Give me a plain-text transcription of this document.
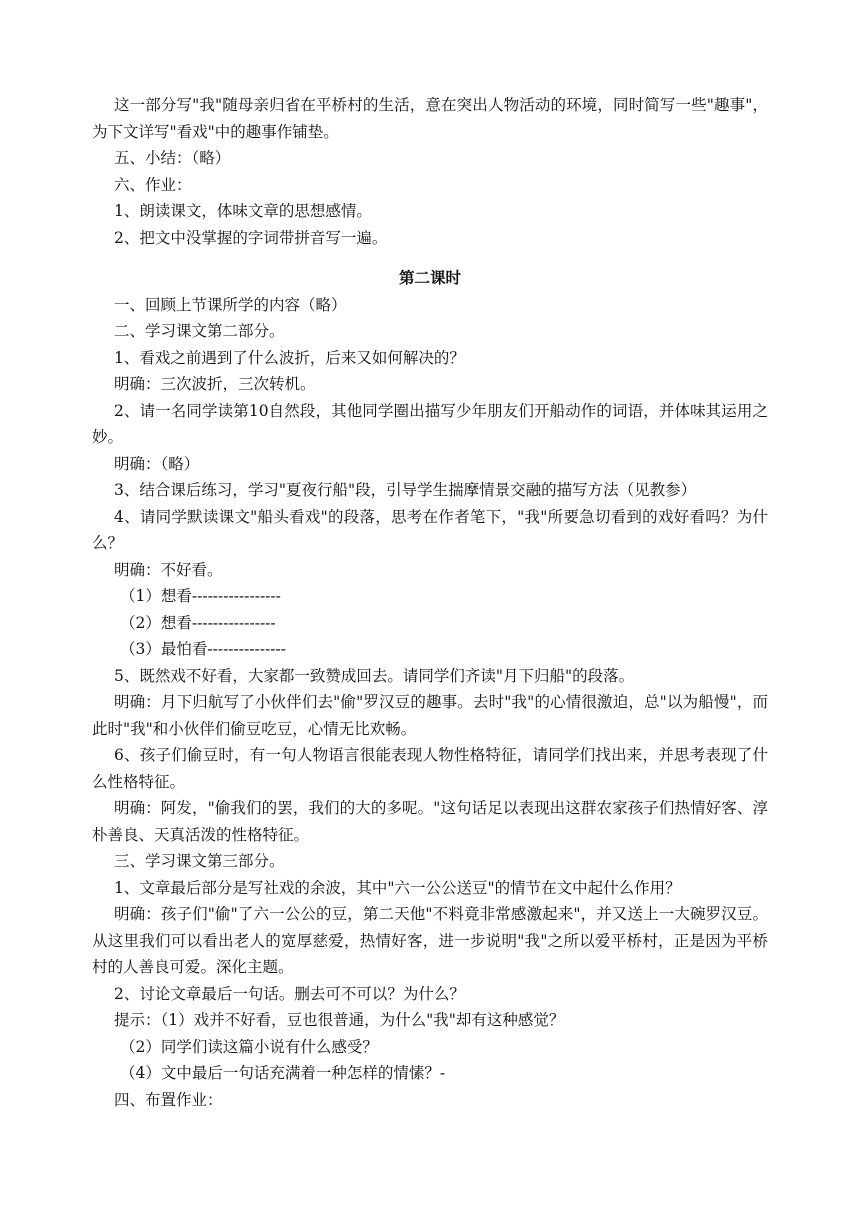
这一部分写"我"随母亲归省在平桥村的生活，意在突出人物活动的环境，同时简写一些"趣事"，为下文详写"看戏"中的趣事作铺垫。

五、小结：（略）

六、作业：

1、朗读课文，体味文章的思想感情。

2、把文中没掌握的字词带拼音写一遍。

第二课时

一、回顾上节课所学的内容（略）

二、学习课文第二部分。

1、看戏之前遇到了什么波折，后来又如何解决的？

明确：三次波折，三次转机。

2、请一名同学读第10自然段，其他同学圈出描写少年朋友们开船动作的词语，并体味其运用之妙。

明确：（略）

3、结合课后练习，学习"夏夜行船"段，引导学生揣摩情景交融的描写方法（见教参）

4、请同学默读课文"船头看戏"的段落，思考在作者笔下，"我"所要急切看到的戏好看吗？为什么？

明确：不好看。

（1）想看-----------------

（2）想看----------------

（3）最怕看---------------

5、既然戏不好看，大家都一致赞成回去。请同学们齐读"月下归船"的段落。

明确：月下归航写了小伙伴们去"偷"罗汉豆的趣事。去时"我"的心情很激迫，总"以为船慢"，而此时"我"和小伙伴们偷豆吃豆，心情无比欢畅。

6、孩子们偷豆时，有一句人物语言很能表现人物性格特征，请同学们找出来，并思考表现了什么性格特征。

明确：阿发，"偷我们的罢，我们的大的多呢。"这句话足以表现出这群农家孩子们热情好客、淳朴善良、天真活泼的性格特征。

三、学习课文第三部分。

1、文章最后部分是写社戏的余波，其中"六一公公送豆"的情节在文中起什么作用？

明确：孩子们"偷"了六一公公的豆，第二天他"不料竟非常感激起来"，并又送上一大碗罗汉豆。从这里我们可以看出老人的宽厚慈爱，热情好客，进一步说明"我"之所以爱平桥村，正是因为平桥村的人善良可爱。深化主题。

2、讨论文章最后一句话。删去可不可以？为什么？

提示：（1）戏并不好看，豆也很普通，为什么"我"却有这种感觉？

（2）同学们读这篇小说有什么感受？

（4）文中最后一句话充满着一种怎样的情愫？-

四、布置作业：
